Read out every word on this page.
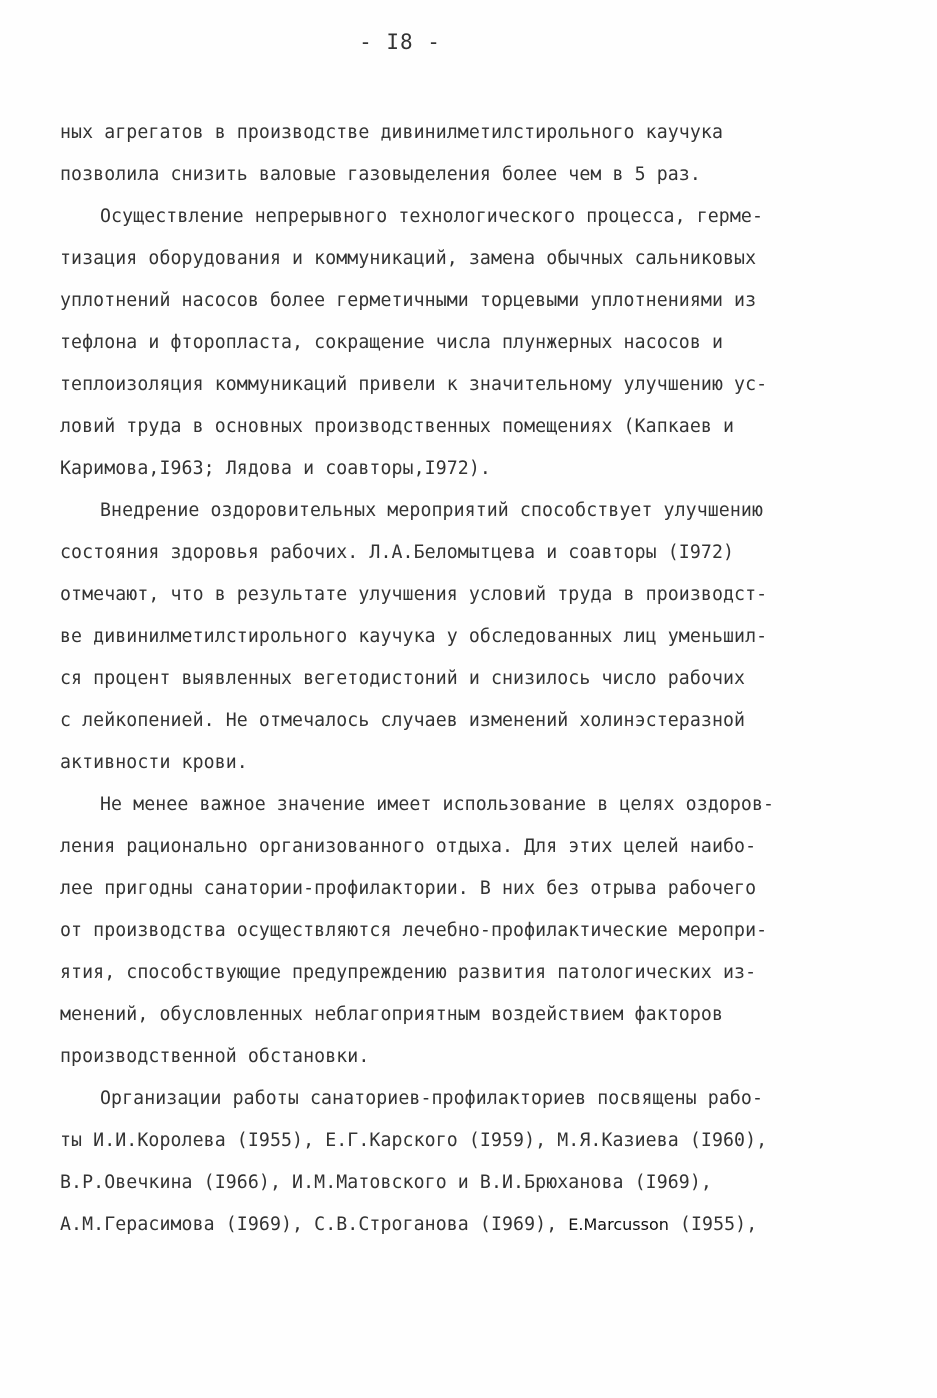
- I8 -
ных агрегатов в производстве дивинилметилстирольного каучука
позволила снизить валовые газовыделения более чем в 5 раз.
Осуществление непрерывного технологического процесса, герме-
тизация оборудования и коммуникаций, замена обычных сальниковых
уплотнений насосов более герметичными торцевыми уплотнениями из
тефлона и фторопласта, сокращение числа плунжерных насосов и
теплоизоляция коммуникаций привели к значительному улучшению ус-
ловий труда в основных производственных помещениях (Капкаев и
Каримова,I963; Лядова и соавторы,I972).
Внедрение оздоровительных мероприятий способствует улучшению
состояния здоровья рабочих. Л.А.Беломытцева и соавторы (I972)
отмечают, что в результате улучшения условий труда в производст-
ве дивинилметилстирольного каучука у обследованных лиц уменьшил-
ся процент выявленных вегетодистоний и снизилось число рабочих
с лейкопенией. Не отмечалось случаев изменений холинэстеразной
активности крови.
Не менее важное значение имеет использование в целях оздоров-
ления рационально организованного отдыха. Для этих целей наибо-
лее пригодны санатории-профилактории. В них без отрыва рабочего
от производства осуществляются лечебно-профилактические меропри-
ятия, способствующие предупреждению развития патологических из-
менений, обусловленных неблагоприятным воздействием факторов
производственной обстановки.
Организации работы санаториев-профилакториев посвящены рабо-
ты И.И.Королева (I955), Е.Г.Карского (I959), М.Я.Казиева (I960),
В.Р.Овечкина (I966), И.М.Матовского и В.И.Брюханова (I969),
А.М.Герасимова (I969), С.В.Строганова (I969), E.Marcusson (I955),
